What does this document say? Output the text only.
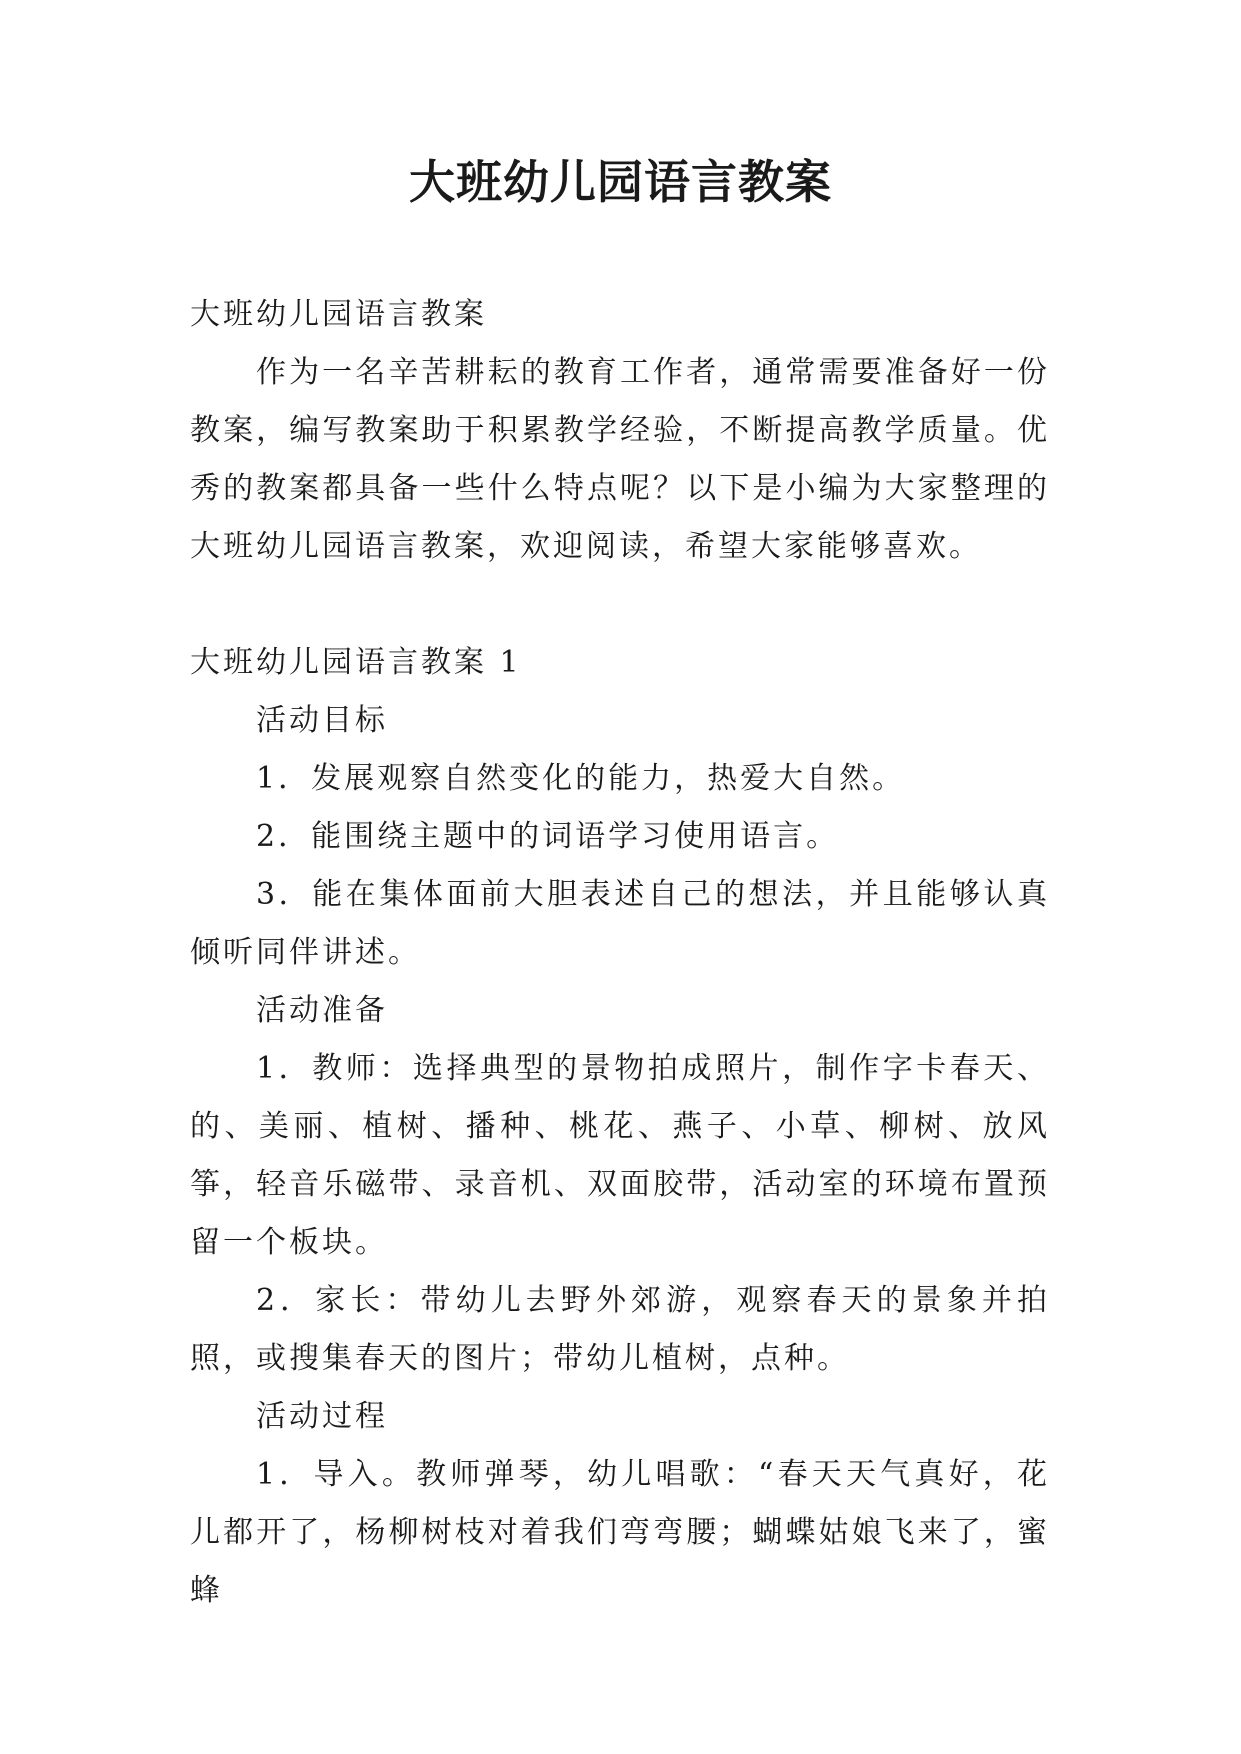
大班幼儿园语言教案

大班幼儿园语言教案

作为一名辛苦耕耘的教育工作者，通常需要准备好一份教案，编写教案助于积累教学经验，不断提高教学质量。优秀的教案都具备一些什么特点呢？以下是小编为大家整理的大班幼儿园语言教案，欢迎阅读，希望大家能够喜欢。

大班幼儿园语言教案 1

活动目标

1．发展观察自然变化的能力，热爱大自然。

2．能围绕主题中的词语学习使用语言。

3．能在集体面前大胆表述自己的想法，并且能够认真倾听同伴讲述。

活动准备

1．教师：选择典型的景物拍成照片，制作字卡春天、的、美丽、植树、播种、桃花、燕子、小草、柳树、放风筝，轻音乐磁带、录音机、双面胶带，活动室的环境布置预留一个板块。

2．家长：带幼儿去野外郊游，观察春天的景象并拍照，或搜集春天的图片；带幼儿植树，点种。

活动过程

1．导入。教师弹琴，幼儿唱歌：“春天天气真好，花儿都开了，杨柳树枝对着我们弯弯腰；蝴蝶姑娘飞来了，蜜蜂
